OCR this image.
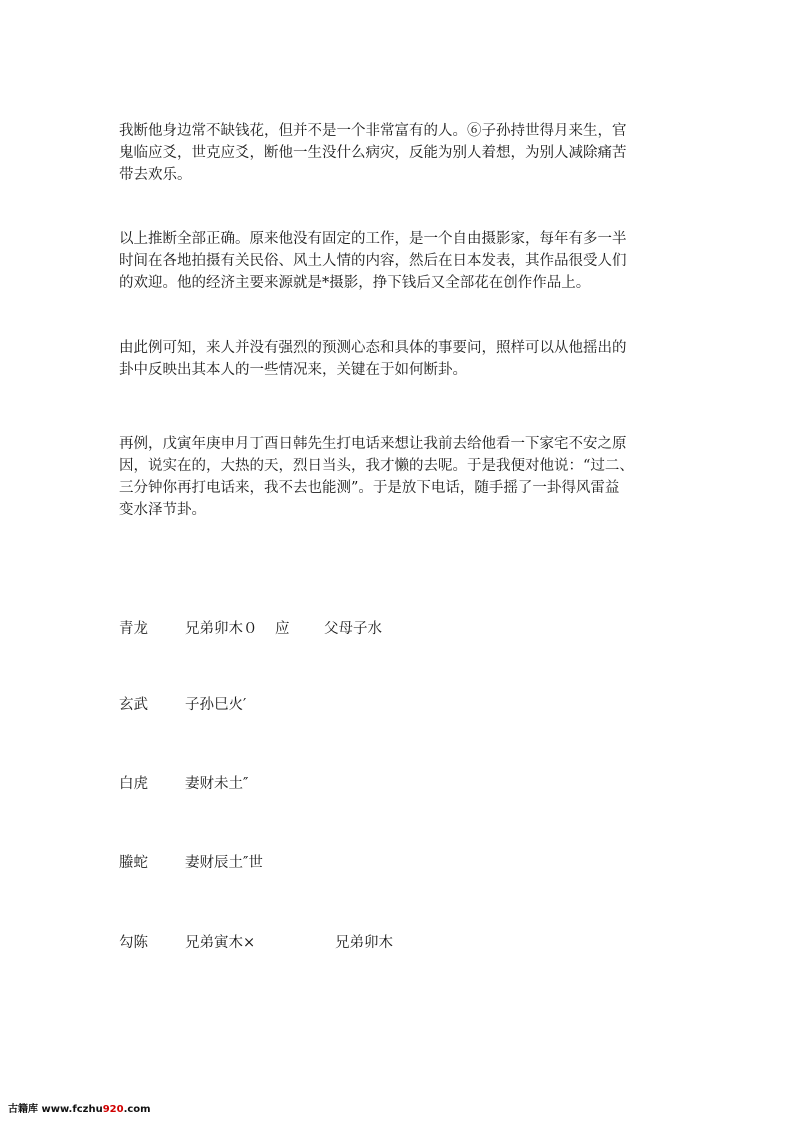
我断他身边常不缺钱花，但并不是一个非常富有的人。⑥子孙持世得月来生，官
鬼临应爻，世克应爻，断他一生没什么病灾，反能为别人着想，为别人减除痛苦
带去欢乐。

以上推断全部正确。原来他没有固定的工作，是一个自由摄影家，每年有多一半
时间在各地拍摄有关民俗、风土人情的内容，然后在日本发表，其作品很受人们
的欢迎。他的经济主要来源就是*摄影，挣下钱后又全部花在创作作品上。

由此例可知，来人并没有强烈的预测心态和具体的事要问，照样可以从他摇出的
卦中反映出其本人的一些情况来，关键在于如何断卦。

再例，戊寅年庚申月丁酉日韩先生打电话来想让我前去给他看一下家宅不安之原
因，说实在的，大热的天，烈日当头，我才懒的去呢。于是我便对他说：“过二、
三分钟你再打电话来，我不去也能测”。于是放下电话，随手摇了一卦得风雷益
变水泽节卦。

青龙	兄弟卯木０ 应 父母子水
玄武	子孙巳火′
白虎	妻财未土″
螣蛇	妻财辰土″世
勾陈	兄弟寅木×	兄弟卯木
古籍库 www.fczhu920.com
